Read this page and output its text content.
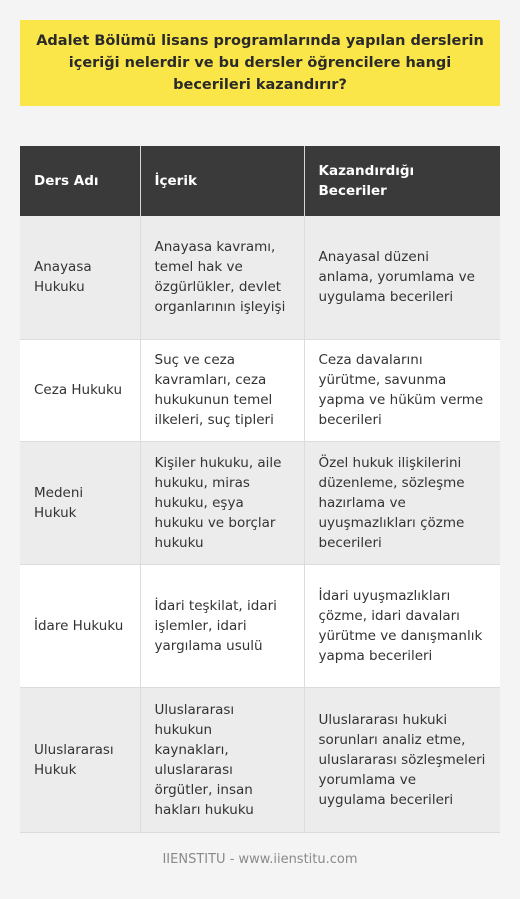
Adalet Bölümü lisans programlarında yapılan derslerin içeriği nelerdir ve bu dersler öğrencilere hangi becerileri kazandırır?
Ders Adı	İçerik	Kazandırdığı Beceriler
Anayasa Hukuku	Anayasa kavramı, temel hak ve özgürlükler, devlet organlarının işleyişi	Anayasal düzeni anlama, yorumlama ve uygulama becerileri
Ceza Hukuku	Suç ve ceza kavramları, ceza hukukunun temel ilkeleri, suç tipleri	Ceza davalarını yürütme, savunma yapma ve hüküm verme becerileri
Medeni Hukuk	Kişiler hukuku, aile hukuku, miras hukuku, eşya hukuku ve borçlar hukuku	Özel hukuk ilişkilerini düzenleme, sözleşme hazırlama ve uyuşmazlıkları çözme becerileri
İdare Hukuku	İdari teşkilat, idari işlemler, idari yargılama usulü	İdari uyuşmazlıkları çözme, idari davaları yürütme ve danışmanlık yapma becerileri
Uluslararası Hukuk	Uluslararası hukukun kaynakları, uluslararası örgütler, insan hakları hukuku	Uluslararası hukuki sorunları analiz etme, uluslararası sözleşmeleri yorumlama ve uygulama becerileri
IIENSTITU - www.iienstitu.com
